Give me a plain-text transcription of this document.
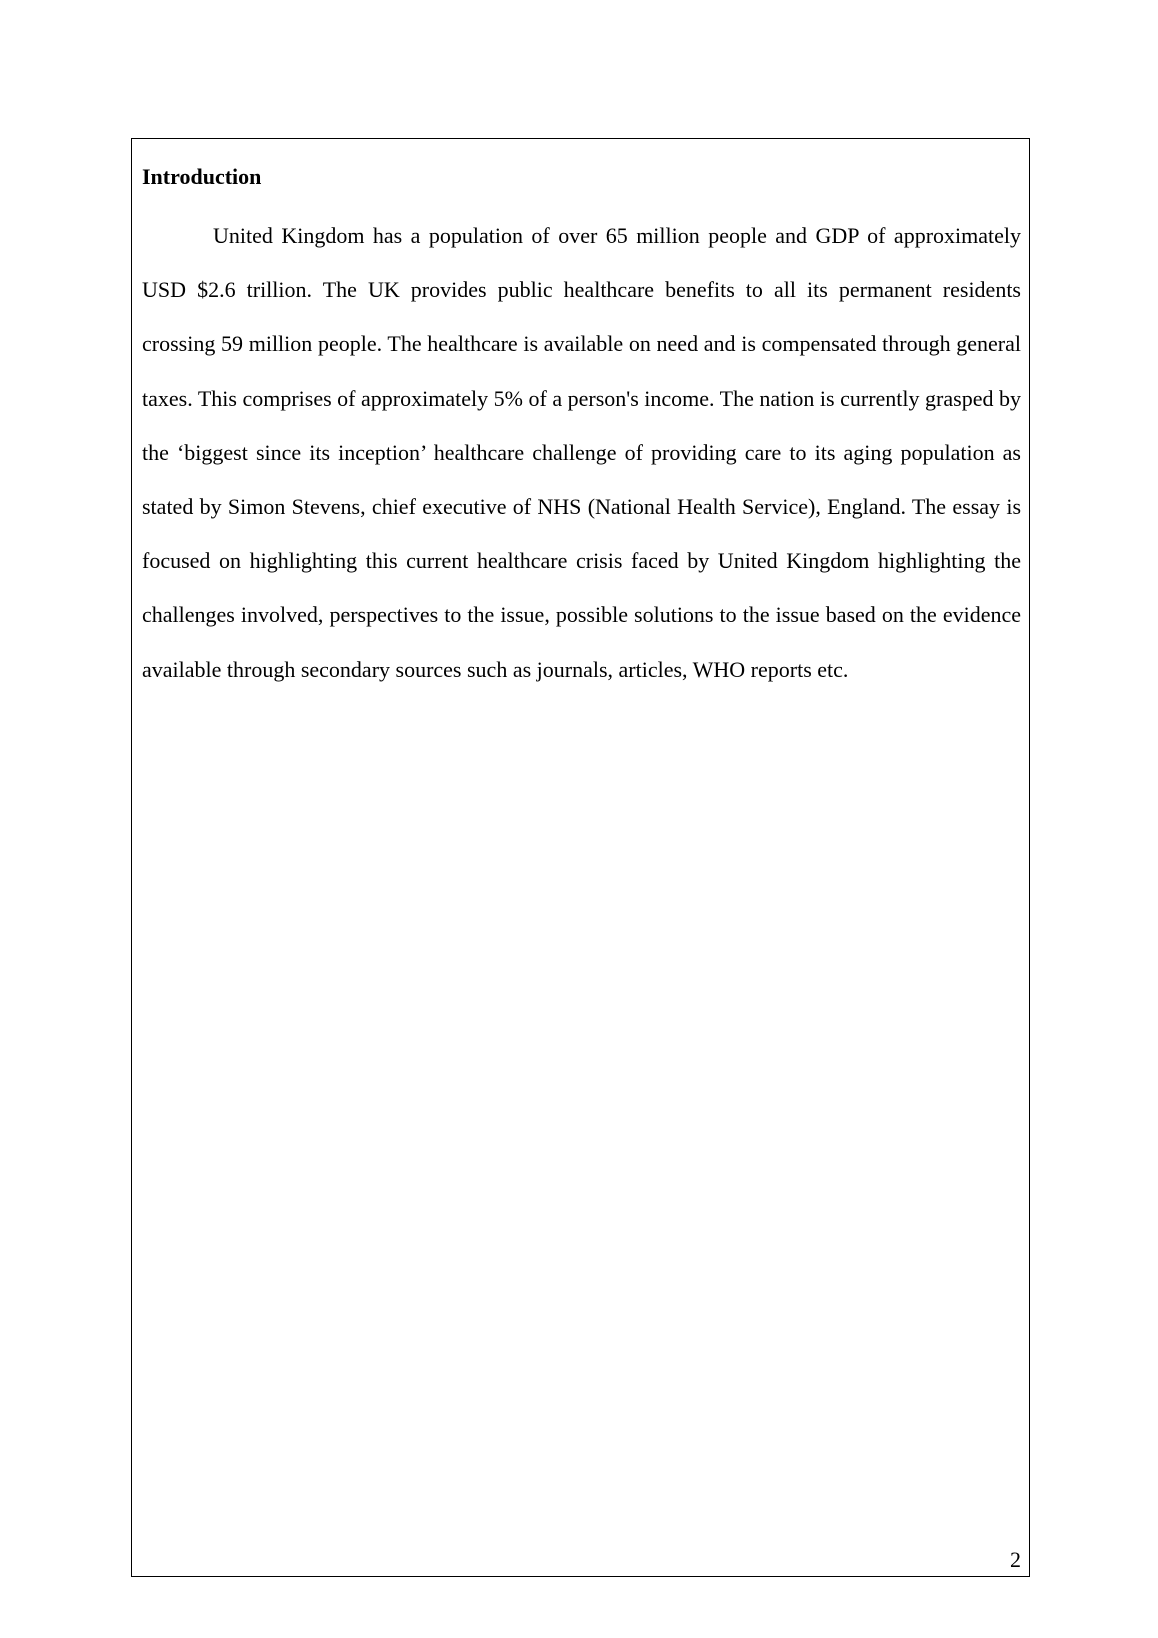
Introduction

United Kingdom has a population of over 65 million people and GDP of approximately USD $2.6 trillion. The UK provides public healthcare benefits to all its permanent residents crossing 59 million people. The healthcare is available on need and is compensated through general taxes. This comprises of approximately 5% of a person's income. The nation is currently grasped by the ‘biggest since its inception’ healthcare challenge of providing care to its aging population as stated by Simon Stevens, chief executive of NHS (National Health Service), England. The essay is focused on highlighting this current healthcare crisis faced by United Kingdom highlighting the challenges involved, perspectives to the issue, possible solutions to the issue based on the evidence available through secondary sources such as journals, articles, WHO reports etc.

2
